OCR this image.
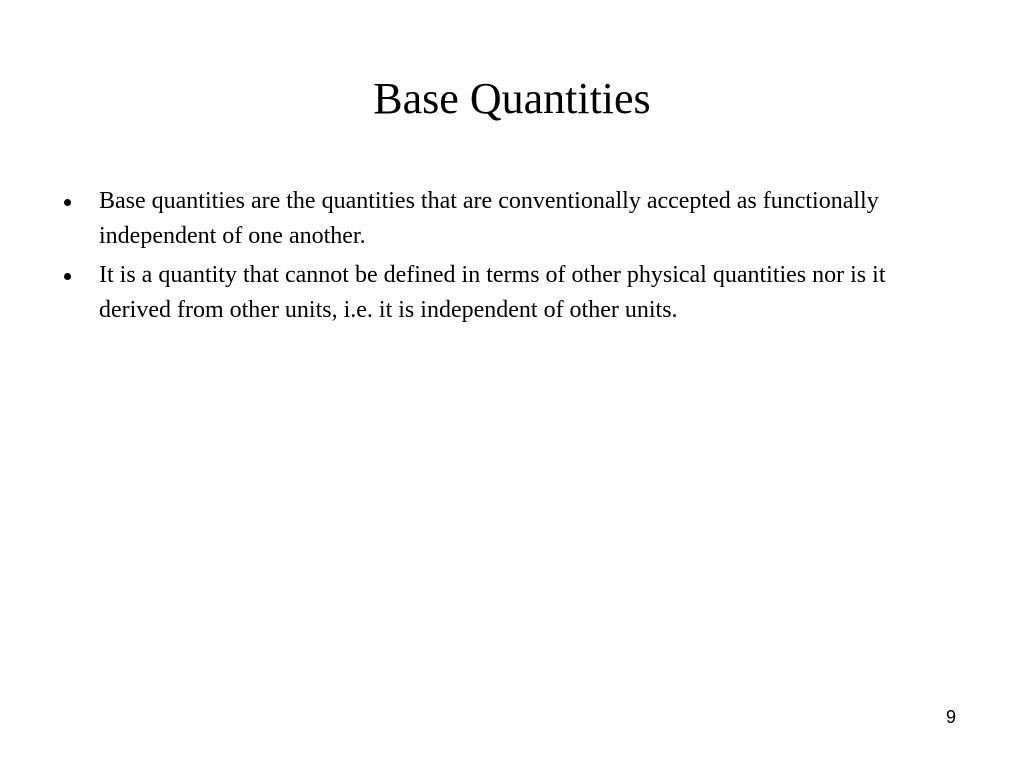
Base Quantities
Base quantities are the quantities that are conventionally accepted as functionally independent of one another.
It is a quantity that cannot be defined in terms of other physical quantities nor is it derived from other units, i.e. it is independent of other units.
9
